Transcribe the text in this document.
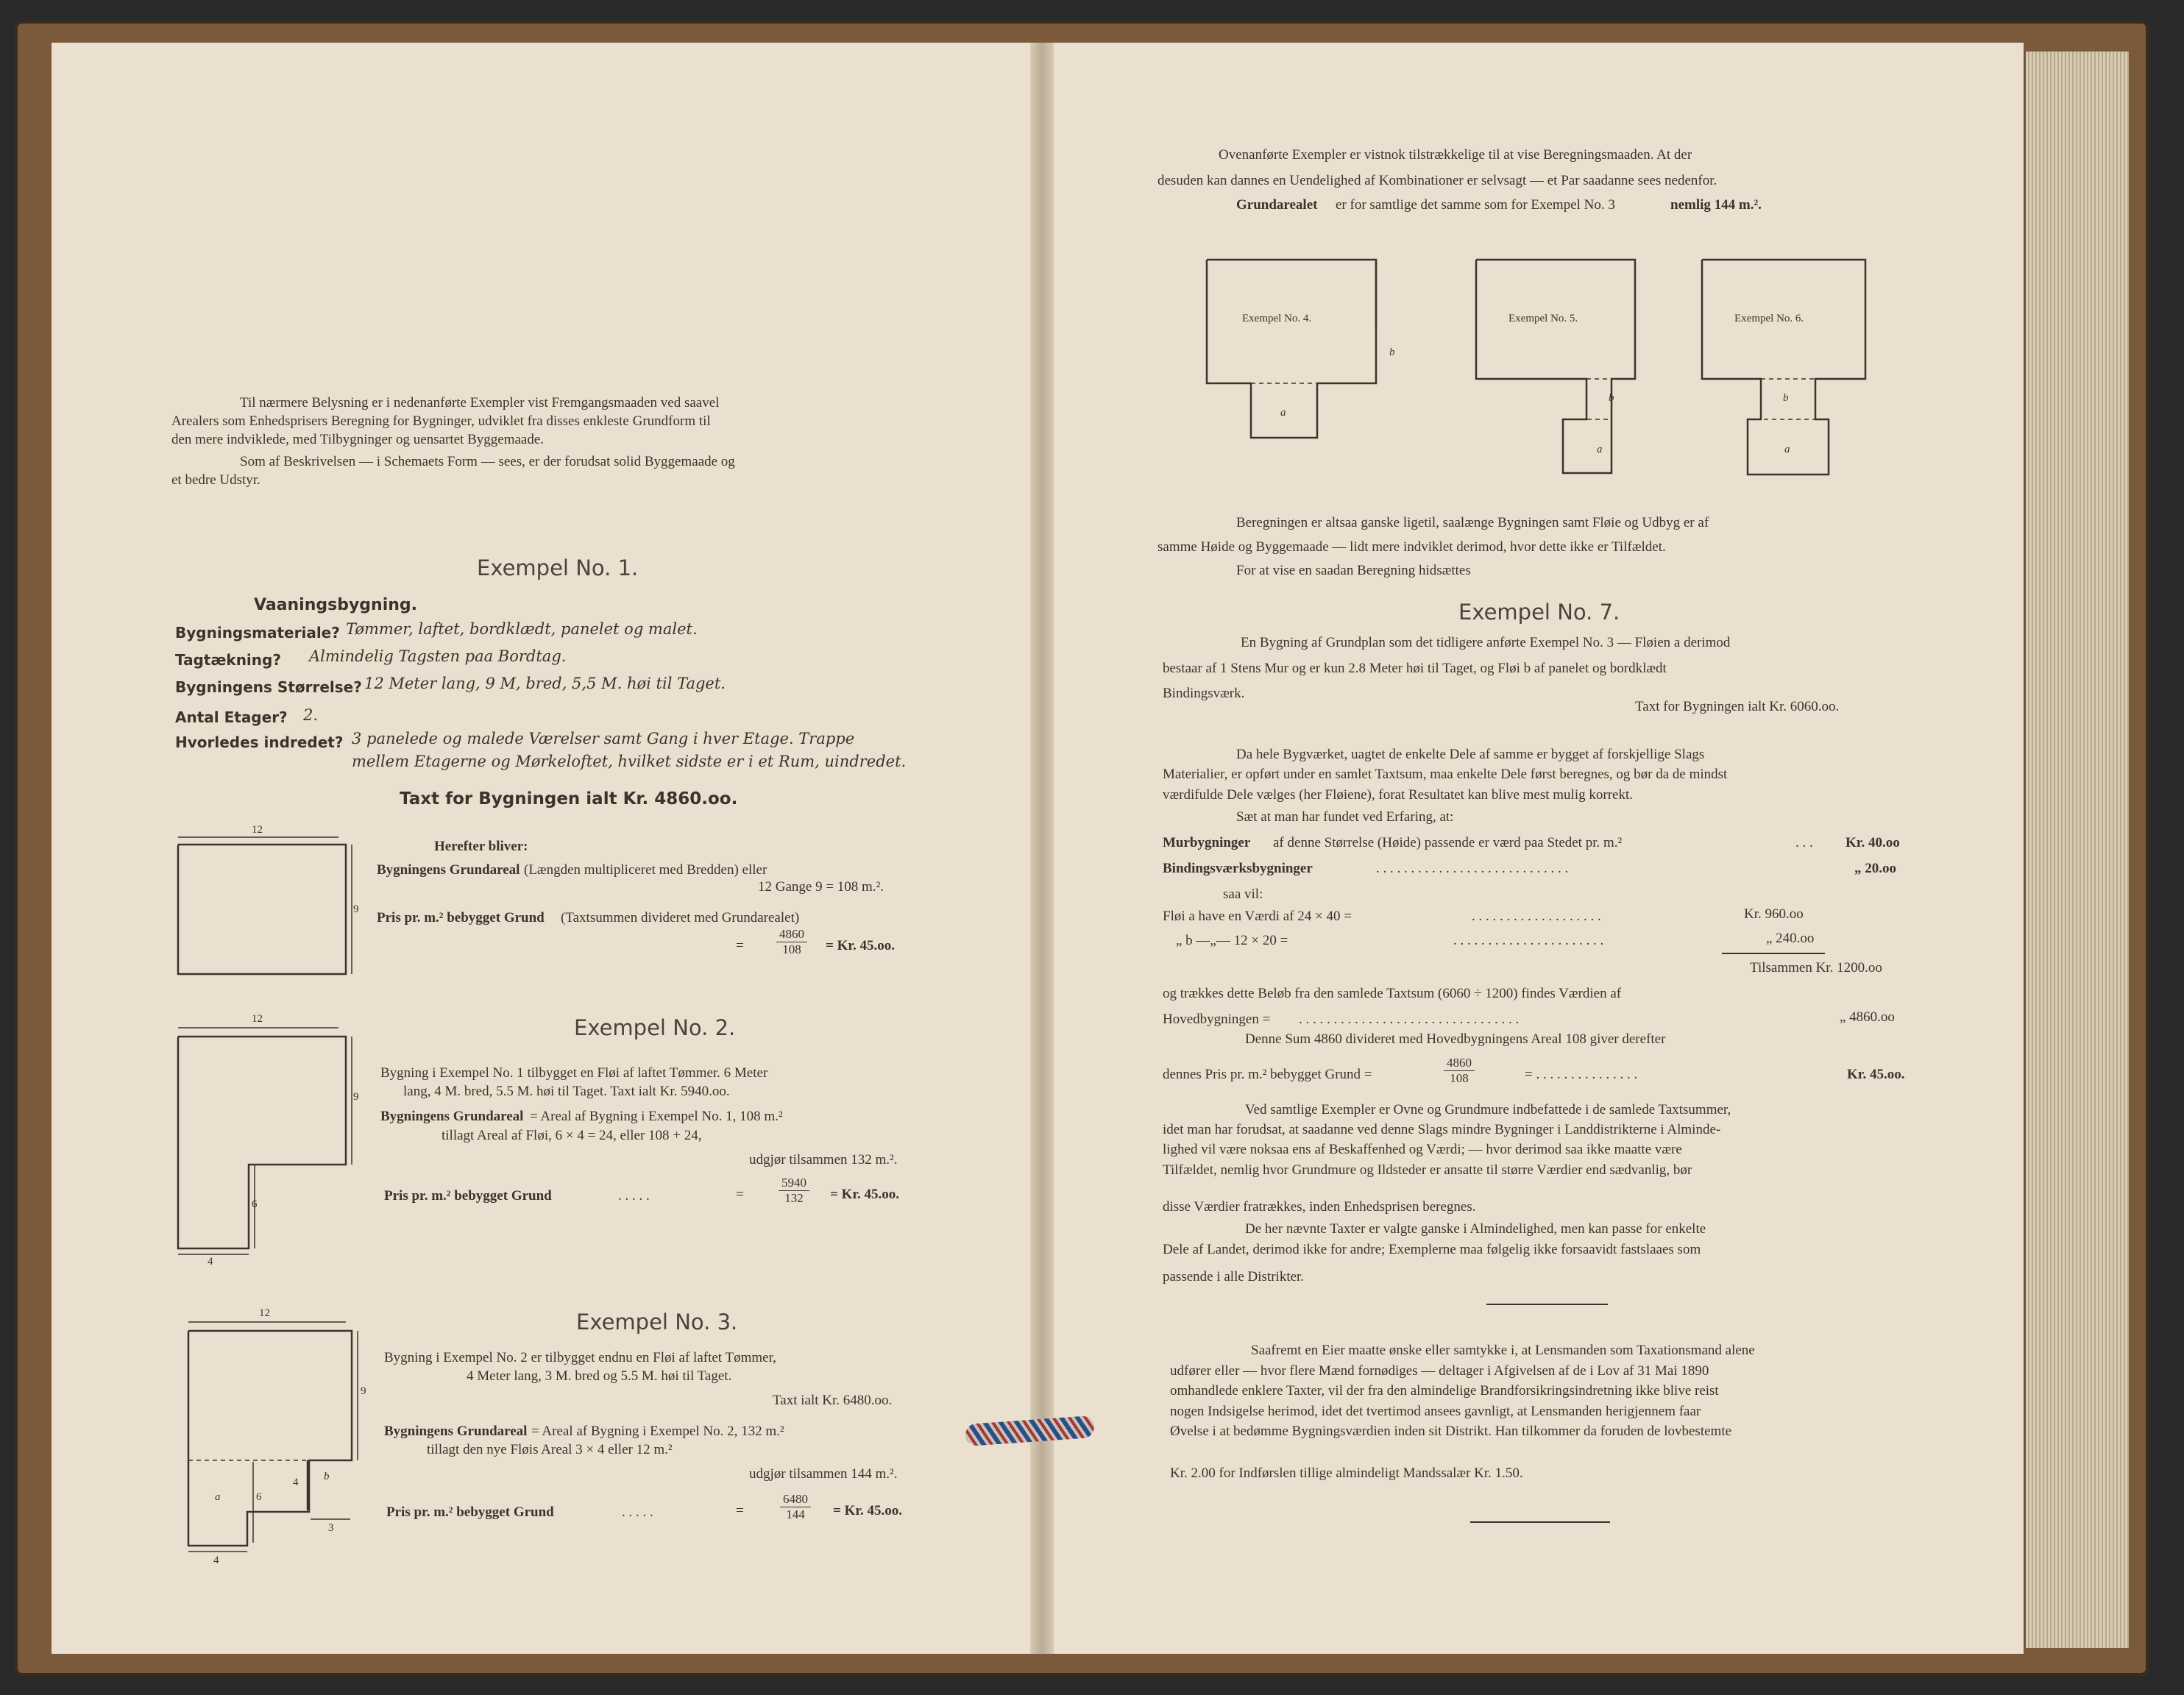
Til nærmere Belysning er i nedenanførte Exempler vist Fremgangsmaaden ved saavel
Arealers som Enhedsprisers Beregning for Bygninger, udviklet fra disses enkleste Grundform til
den mere indviklede, med Tilbygninger og uensartet Byggemaade.
Som af Beskrivelsen — i Schemaets Form — sees, er der forudsat solid Byggemaade og
et bedre Udstyr.
Exempel No. 1.
Vaaningsbygning.
Bygningsmateriale? Tømmer, laftet, bordklædt, panelet og malet.
Tagtækning? Almindelig Tagsten paa Bordtag.
Bygningens Størrelse? 12 Meter lang, 9 M, bred, 5,5 M. høi til Taget.
Antal Etager? 2.
Hvorledes indredet? 3 panelede og malede Værelser samt Gang i hver Etage. Trappe
mellem Etagerne og Mørkeloftet, hvilket sidste er i et Rum, uindredet.
Taxt for Bygningen ialt Kr. 4860.oo.
12
9
Herefter bliver:
Bygningens Grundareal (Længden multipliceret med Bredden) eller
12 Gange 9 = 108 m.².
Pris pr. m.² bebygget Grund (Taxtsummen divideret med Grundarealet)
=	$\frac{4860}{108} = Kr$. 45.oo.
Exempel No. 2.
12
9
6
4
Bygning i Exempel No. 1 tilbygget en Fløi af laftet Tømmer. 6 Meter
lang, 4 M. bred, 5.5 M. høi til Taget. Taxt ialt Kr. 5940.oo.
Bygningens Grundareal = Areal af Bygning i Exempel No. 1, 108 m.²
tillagt Areal af Fløi, 6 × 4 = 24, eller 108 + 24,
udgjør tilsammen 132 m.².
Pris pr. m.² bebygget Grund	. . . . .	=	$\frac{5940}{132} = Kr$. 45.oo.
Exempel No. 3.
12
9
a	6
4 b
3
4
Bygning i Exempel No. 2 er tilbygget endnu en Fløi af laftet Tømmer,
4 Meter lang, 3 M. bred og 5.5 M. høi til Taget.
Taxt ialt Kr. 6480.oo.
Bygningens Grundareal = Areal af Bygning i Exempel No. 2, 132 m.²
tillagt den nye Fløis Areal 3 × 4 eller 12 m.²
udgjør tilsammen 144 m.².
Pris pr. m.² bebygget Grund	. . . . .	=	$\frac{6480}{144} = Kr$. 45.oo.
Ovenanførte Exempler er vistnok tilstrækkelige til at vise Beregningsmaaden. At der
desuden kan dannes en Uendelighed af Kombinationer er selvsagt — et Par saadanne sees nedenfor.
Grundarealet er for samtlige det samme som for Exempel No. 3	nemlig 144 m.².
Exempel No. 4.
b
a
Exempel No. 5.
b
a
Exempel No. 6.
b
a
Beregningen er altsaa ganske ligetil, saalænge Bygningen samt Fløie og Udbyg er af
samme Høide og Byggemaade — lidt mere indviklet derimod, hvor dette ikke er Tilfældet.
For at vise en saadan Beregning hidsættes
Exempel No. 7.
En Bygning af Grundplan som det tidligere anførte Exempel No. 3 — Fløien a derimod
bestaar af 1 Stens Mur og er kun 2.8 Meter høi til Taget, og Fløi b af panelet og bordklædt
Bindingsværk.
Taxt for Bygningen ialt Kr. 6060.oo.
Da hele Bygværket, uagtet de enkelte Dele af samme er bygget af forskjellige Slags
Materialier, er opført under en samlet Taxtsum, maa enkelte Dele først beregnes, og bør da de mindst
værdifulde Dele vælges (her Fløiene), forat Resultatet kan blive mest mulig korrekt.
Sæt at man har fundet ved Erfaring, at:
Murbygninger af denne Størrelse (Høide) passende er værd paa Stedet pr. m.²	. . . Kr. 40.oo
Bindingsværksbygninger	. . . . . . . . . . . . . . . . . . . . . . . . . . . .	„ 20.oo
saa vil:
Fløi a have en Værdi af 24 × 40 =	. . . . . . . . . . . . . . . . . . .	Kr. 960.oo
„ b —„— 12 × 20 =	. . . . . . . . . . . . . . . . . . . . . .	„ 240.oo
Tilsammen Kr. 1200.oo
og trækkes dette Beløb fra den samlede Taxtsum (6060 ÷ 1200) findes Værdien af
Hovedbygningen = . . . . . . . . . . . . . . . . . . . . . . . . . . . . . . . .	„ 4860.oo
Denne Sum 4860 divideret med Hovedbygningens Areal 108 giver derefter
dennes Pris pr. m.² bebygget Grund =	$\frac{4860}{108}$	= . . . . . . . . . . . . . . .	Kr. 45.oo.
Ved samtlige Exempler er Ovne og Grundmure indbefattede i de samlede Taxtsummer,
idet man har forudsat, at saadanne ved denne Slags mindre Bygninger i Landdistrikterne i Alminde-
lighed vil være noksaa ens af Beskaffenhed og Værdi; — hvor derimod saa ikke maatte være
Tilfældet, nemlig hvor Grundmure og Ildsteder er ansatte til større Værdier end sædvanlig, bør
disse Værdier fratrækkes, inden Enhedsprisen beregnes.
De her nævnte Taxter er valgte ganske i Almindelighed, men kan passe for enkelte
Dele af Landet, derimod ikke for andre; Exemplerne maa følgelig ikke forsaavidt fastslaaes som
passende i alle Distrikter.
Saafremt en Eier maatte ønske eller samtykke i, at Lensmanden som Taxationsmand alene
udfører eller — hvor flere Mænd fornødiges — deltager i Afgivelsen af de i Lov af 31 Mai 1890
omhandlede enklere Taxter, vil der fra den almindelige Brandforsikringsindretning ikke blive reist
nogen Indsigelse herimod, idet det tvertimod ansees gavnligt, at Lensmanden herigjennem faar
Øvelse i at bedømme Bygningsværdien inden sit Distrikt. Han tilkommer da foruden de lovbestemte
Kr. 2.00 for Indførslen tillige almindeligt Mandssalær Kr. 1.50.
